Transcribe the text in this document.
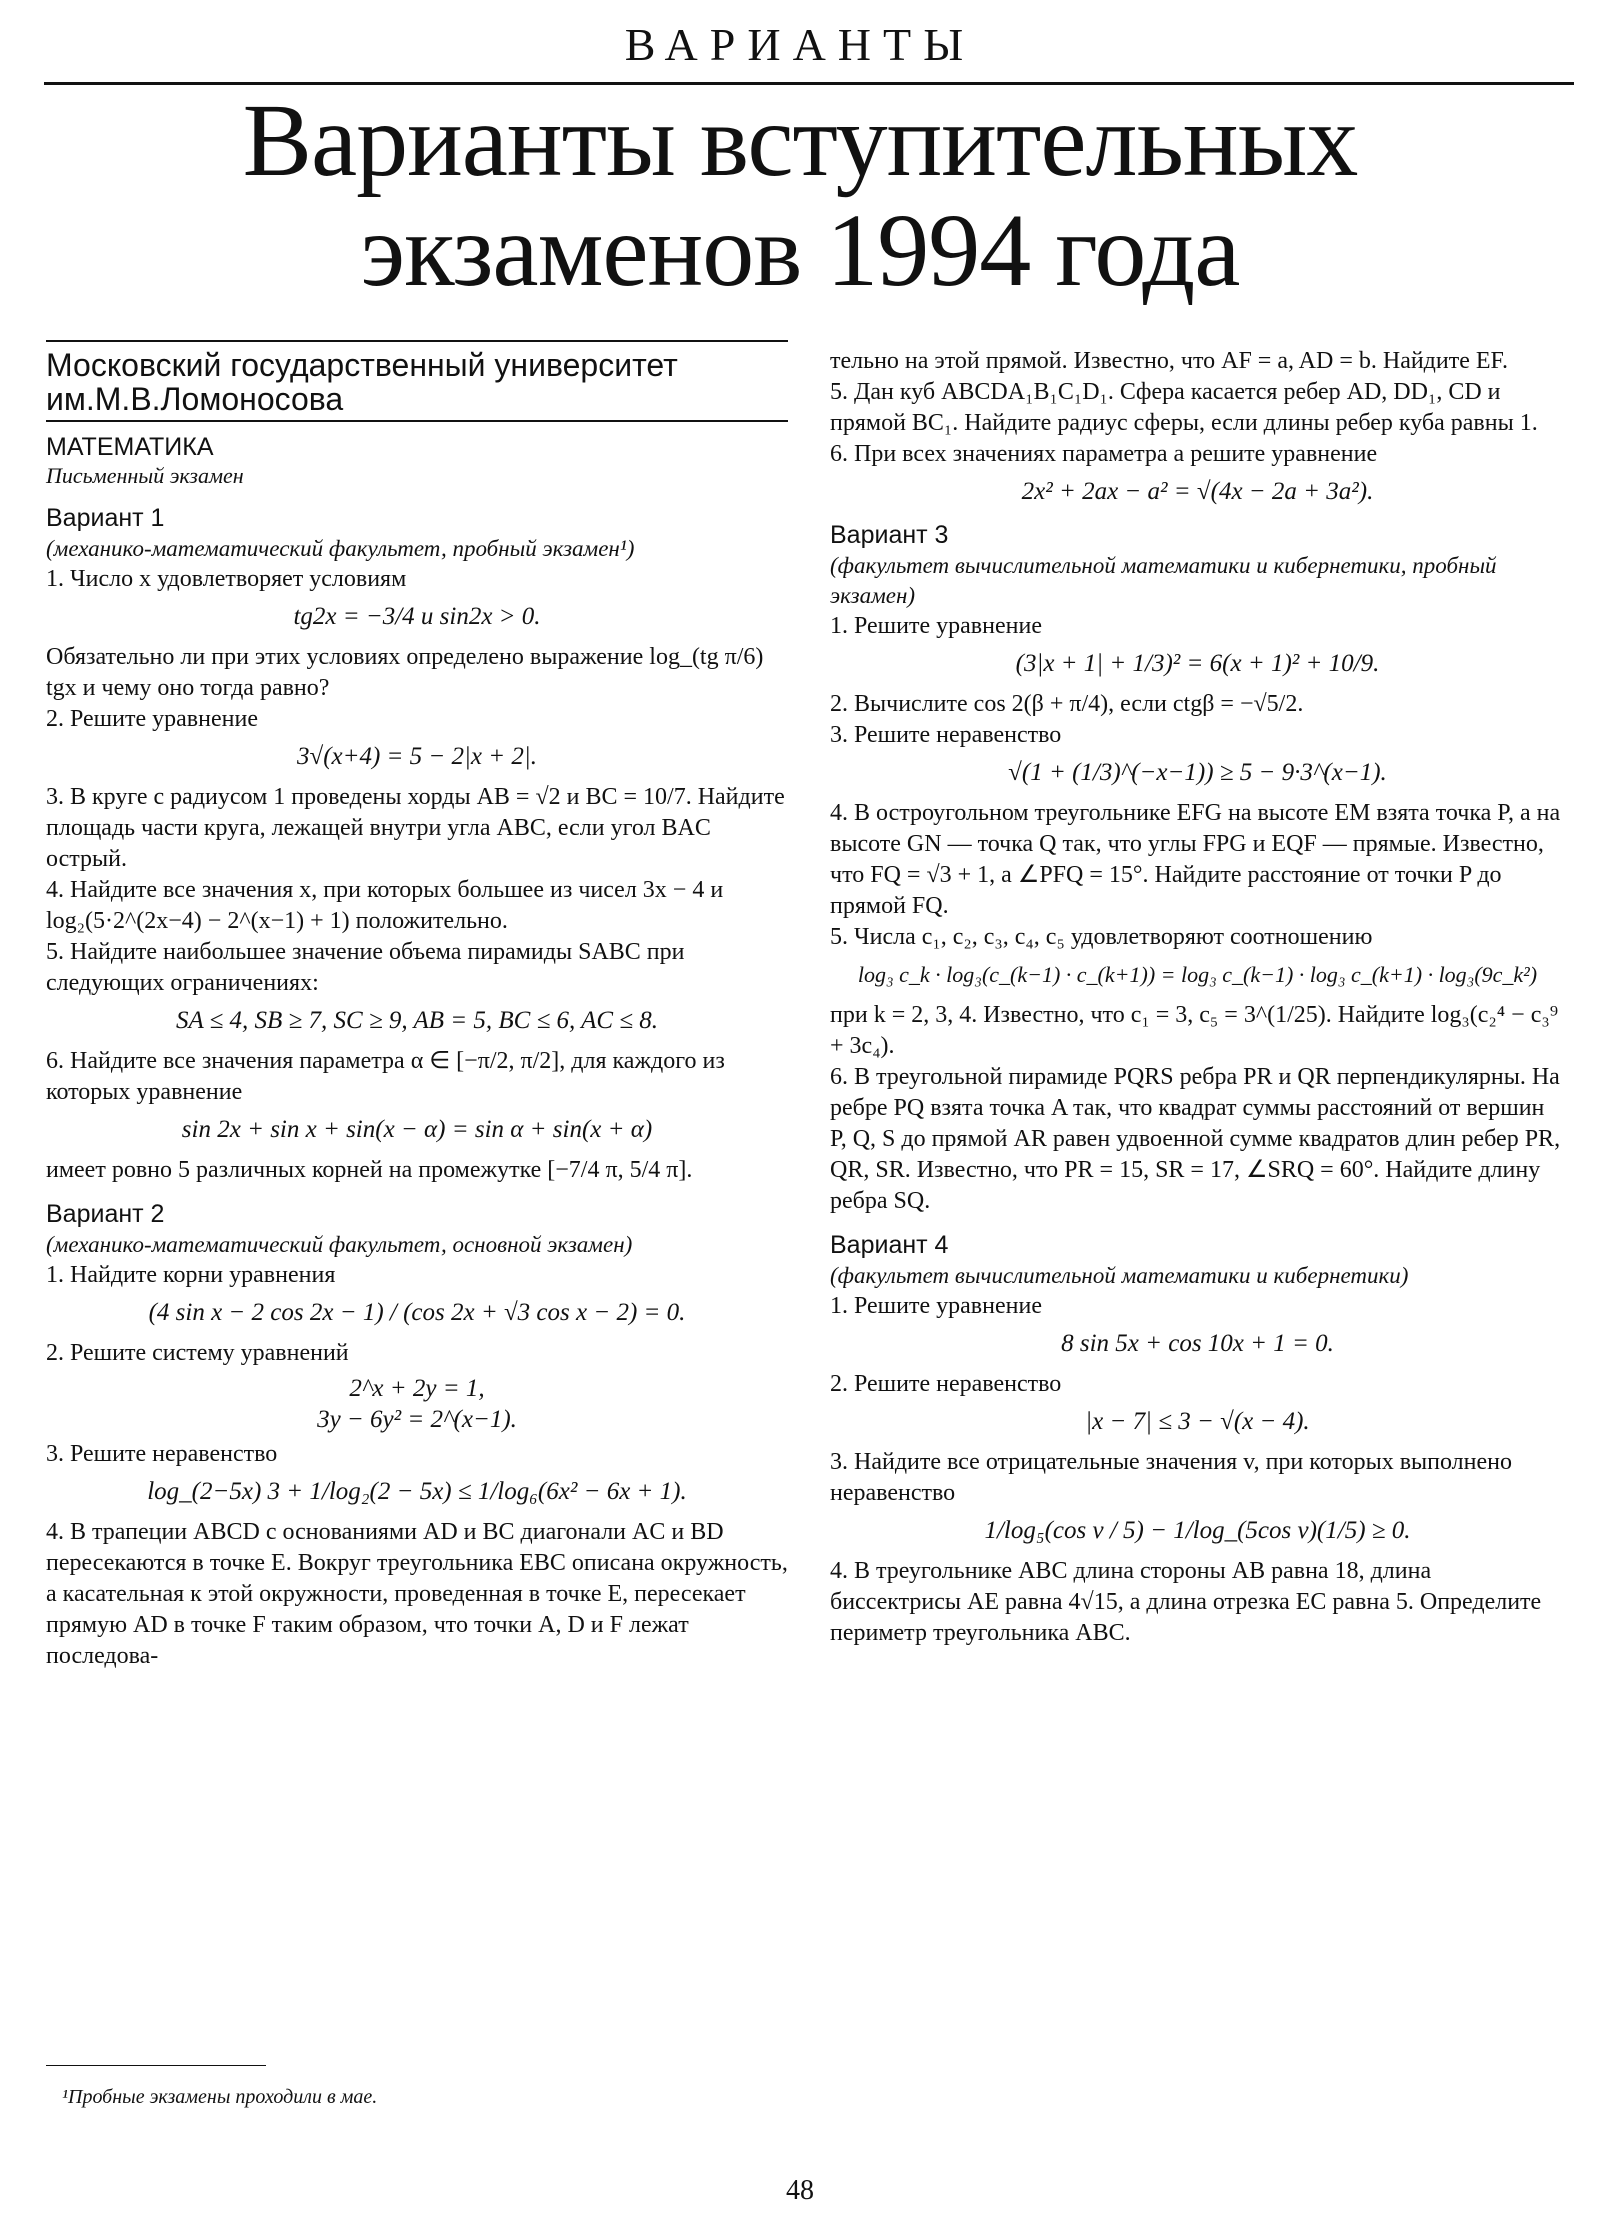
ВАРИАНТЫ
Варианты вступительных
экзаменов 1994 года
Московский государственный университет им.М.В.Ломоносова
МАТЕМАТИКА
Письменный экзамен
Вариант 1
(механико-математический факультет, пробный экзамен¹)

1. Число x удовлетворяет условиям

tg2x = −3/4 и sin2x > 0.

Обязательно ли при этих условиях определено выражение log_(tg π/6) tgx и чему оно тогда равно?

2. Решите уравнение

3√(x+4) = 5 − 2|x + 2|.

3. В круге с радиусом 1 проведены хорды AB = √2 и BC = 10/7. Найдите площадь части круга, лежащей внутри угла ABC, если угол BAC острый.

4. Найдите все значения x, при которых большее из чисел 3x − 4 и log₂(5·2^(2x−4) − 2^(x−1) + 1) положительно.

5. Найдите наибольшее значение объема пирамиды SABC при следующих ограничениях:

SA ≤ 4, SB ≥ 7, SC ≥ 9, AB = 5, BC ≤ 6, AC ≤ 8.

6. Найдите все значения параметра α ∈ [−π/2, π/2], для каждого из которых уравнение

sin 2x + sin x + sin(x − α) = sin α + sin(x + α)

имеет ровно 5 различных корней на промежутке [−7/4 π, 5/4 π].

Вариант 2
(механико-математический факультет, основной экзамен)

1. Найдите корни уравнения

(4 sin x − 2 cos 2x − 1) / (cos 2x + √3 cos x − 2) = 0.

2. Решите систему уравнений

2^x + 2y = 1,
3y − 6y² = 2^(x−1).

3. Решите неравенство

log_(2−5x) 3 + 1/log₂(2 − 5x) ≤ 1/log₆(6x² − 6x + 1).

4. В трапеции ABCD с основаниями AD и BC диагонали AC и BD пересекаются в точке E. Вокруг треугольника EBC описана окружность, а касательная к этой окружности, проведенная в точке E, пересекает прямую AD в точке F таким образом, что точки A, D и F лежат последова-

тельно на этой прямой. Известно, что AF = a, AD = b. Найдите EF.

5. Дан куб ABCDA₁B₁C₁D₁. Сфера касается ребер AD, DD₁, CD и прямой BC₁. Найдите радиус сферы, если длины ребер куба равны 1.

6. При всех значениях параметра a решите уравнение

2x² + 2ax − a² = √(4x − 2a + 3a²).
Вариант 3
(факультет вычислительной математики и кибернетики, пробный экзамен)

1. Решите уравнение

(3|x + 1| + 1/3)² = 6(x + 1)² + 10/9.

2. Вычислите cos 2(β + π/4), если ctgβ = −√5/2.

3. Решите неравенство

√(1 + (1/3)^(−x−1)) ≥ 5 − 9·3^(x−1).

4. В остроугольном треугольнике EFG на высоте EM взята точка P, а на высоте GN — точка Q так, что углы FPG и EQF — прямые. Известно, что FQ = √3 + 1, а ∠PFQ = 15°. Найдите расстояние от точки P до прямой FQ.

5. Числа c₁, c₂, c₃, c₄, c₅ удовлетворяют соотношению

log₃ c_k · log₃(c_(k−1) · c_(k+1)) = log₃ c_(k−1) · log₃ c_(k+1) · log₃(9c_k²)

при k = 2, 3, 4. Известно, что c₁ = 3, c₅ = 3^(1/25). Найдите log₃(c₂⁴ − c₃⁹ + 3c₄).

6. В треугольной пирамиде PQRS ребра PR и QR перпендикулярны. На ребре PQ взята точка A так, что квадрат суммы расстояний от вершин P, Q, S до прямой AR равен удвоенной сумме квадратов длин ребер PR, QR, SR. Известно, что PR = 15, SR = 17, ∠SRQ = 60°. Найдите длину ребра SQ.

Вариант 4
(факультет вычислительной математики и кибернетики)

1. Решите уравнение

8 sin 5x + cos 10x + 1 = 0.

2. Решите неравенство

|x − 7| ≤ 3 − √(x − 4).

3. Найдите все отрицательные значения v, при которых выполнено неравенство

1/log₅(cos v / 5) − 1/log_(5cos v)(1/5) ≥ 0.

4. В треугольнике ABC длина стороны AB равна 18, длина биссектрисы AE равна 4√15, а длина отрезка EC равна 5. Определите периметр треугольника ABC.

¹Пробные экзамены проходили в мае.
48
